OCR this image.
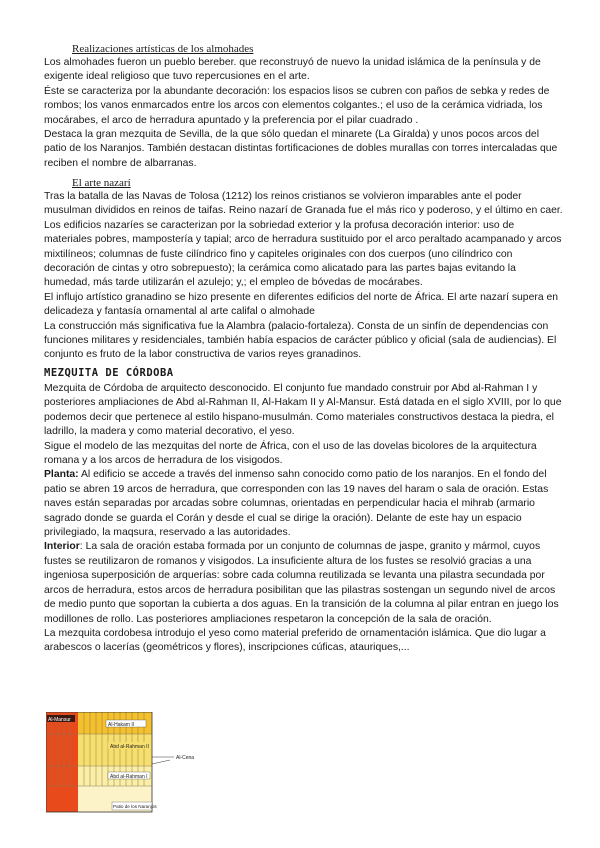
Realizaciones artísticas de los almohades

Los almohades fueron un pueblo bereber. que reconstruyó de nuevo la unidad islámica de la península y de exigente ideal religioso que tuvo repercusiones en el arte.

Éste se caracteriza por la abundante decoración: los espacios lisos se cubren con paños de sebka y redes de rombos; los vanos enmarcados entre los arcos con elementos colgantes.; el uso de la cerámica vidriada, los mocárabes, el arco de herradura apuntado y la preferencia por el pilar cuadrado .

Destaca la gran mezquita de Sevilla, de la que sólo quedan el minarete (La Giralda) y unos pocos arcos del patio de los Naranjos. También destacan distintas fortificaciones de dobles murallas con torres intercaladas que reciben el nombre de albarranas.

El arte nazarí

Tras la batalla de las Navas de Tolosa (1212) los reinos cristianos se volvieron imparables ante el poder musulman divididos en reinos de taifas. Reino nazarí de Granada fue el más rico y poderoso, y el último en caer.

Los edificios nazaríes se caracterizan por la sobriedad exterior y la profusa decoración interior: uso de materiales pobres, mampostería y tapial; arco de herradura sustituido por el arco peraltado acampanado y arcos mixtilíneos; columnas de fuste cilíndrico fino y capiteles originales con dos cuerpos (uno cilíndrico con decoración de cintas y otro sobrepuesto); la cerámica como alicatado para las partes bajas evitando la humedad, más tarde utilizarán el azulejo; y,; el empleo de bóvedas de mocárabes.

El influjo artístico granadino se hizo presente en diferentes edificios del norte de África. El arte nazarí supera en delicadeza y fantasía ornamental al arte califal o almohade

La construcción más significativa fue la Alambra (palacio-fortaleza). Consta de un sinfín de dependencias con funciones militares y residenciales, también había espacios de carácter público y oficial (sala de audiencias). El conjunto es fruto de la labor constructiva de varios reyes granadinos.

MEZQUITA DE CÓRDOBA

Mezquita de Córdoba de arquitecto desconocido. El conjunto fue mandado construir por Abd al-Rahman I y posteriores ampliaciones de Abd al-Rahman II, Al-Hakam II y Al-Mansur. Está datada en el siglo XVIII, por lo que podemos decir que pertenece al estilo hispano-musulmán. Como materiales constructivos destaca la piedra, el ladrillo, la madera y como material decorativo, el yeso.

Sigue el modelo de las mezquitas del norte de África, con el uso de las dovelas bicolores de la arquitectura romana y a los arcos de herradura de los visigodos.

Planta: Al edificio se accede a través del inmenso sahn conocido como patio de los naranjos. En el fondo del patio se abren 19 arcos de herradura, que corresponden con las 19 naves del haram o sala de oración. Estas naves están separadas por arcadas sobre columnas, orientadas en perpendicular hacia el mihrab (armario sagrado donde se guarda el Corán y desde el cual se dirige la oración). Delante de este hay un espacio privilegiado, la maqsura, reservado a las autoridades.

Interior: La sala de oración estaba formada por un conjunto de columnas de jaspe, granito y mármol, cuyos fustes se reutilizaron de romanos y visigodos. La insuficiente altura de los fustes se resolvió gracias a una ingeniosa superposición de arquerías: sobre cada columna reutilizada se levanta una pilastra secundada por arcos de herradura, estos arcos de herradura posibilitan que las pilastras sostengan un segundo nivel de arcos de medio punto que soportan la cubierta a dos aguas. En la transición de la columna al pilar entran en juego los modillones de rollo. Las posteriores ampliaciones respetaron la concepción de la sala de oración.

La mezquita cordobesa introdujo el yeso como material preferido de ornamentación islámica. Que dio lugar a arabescos o lacerías (geométricos y flores), inscripciones cúficas, atauriques,...

Al-Mansur
Al-Hakam II
Abd al-Rahman II
Abd al-Rahman I
Al-Cena
Patio de los Naranjos
